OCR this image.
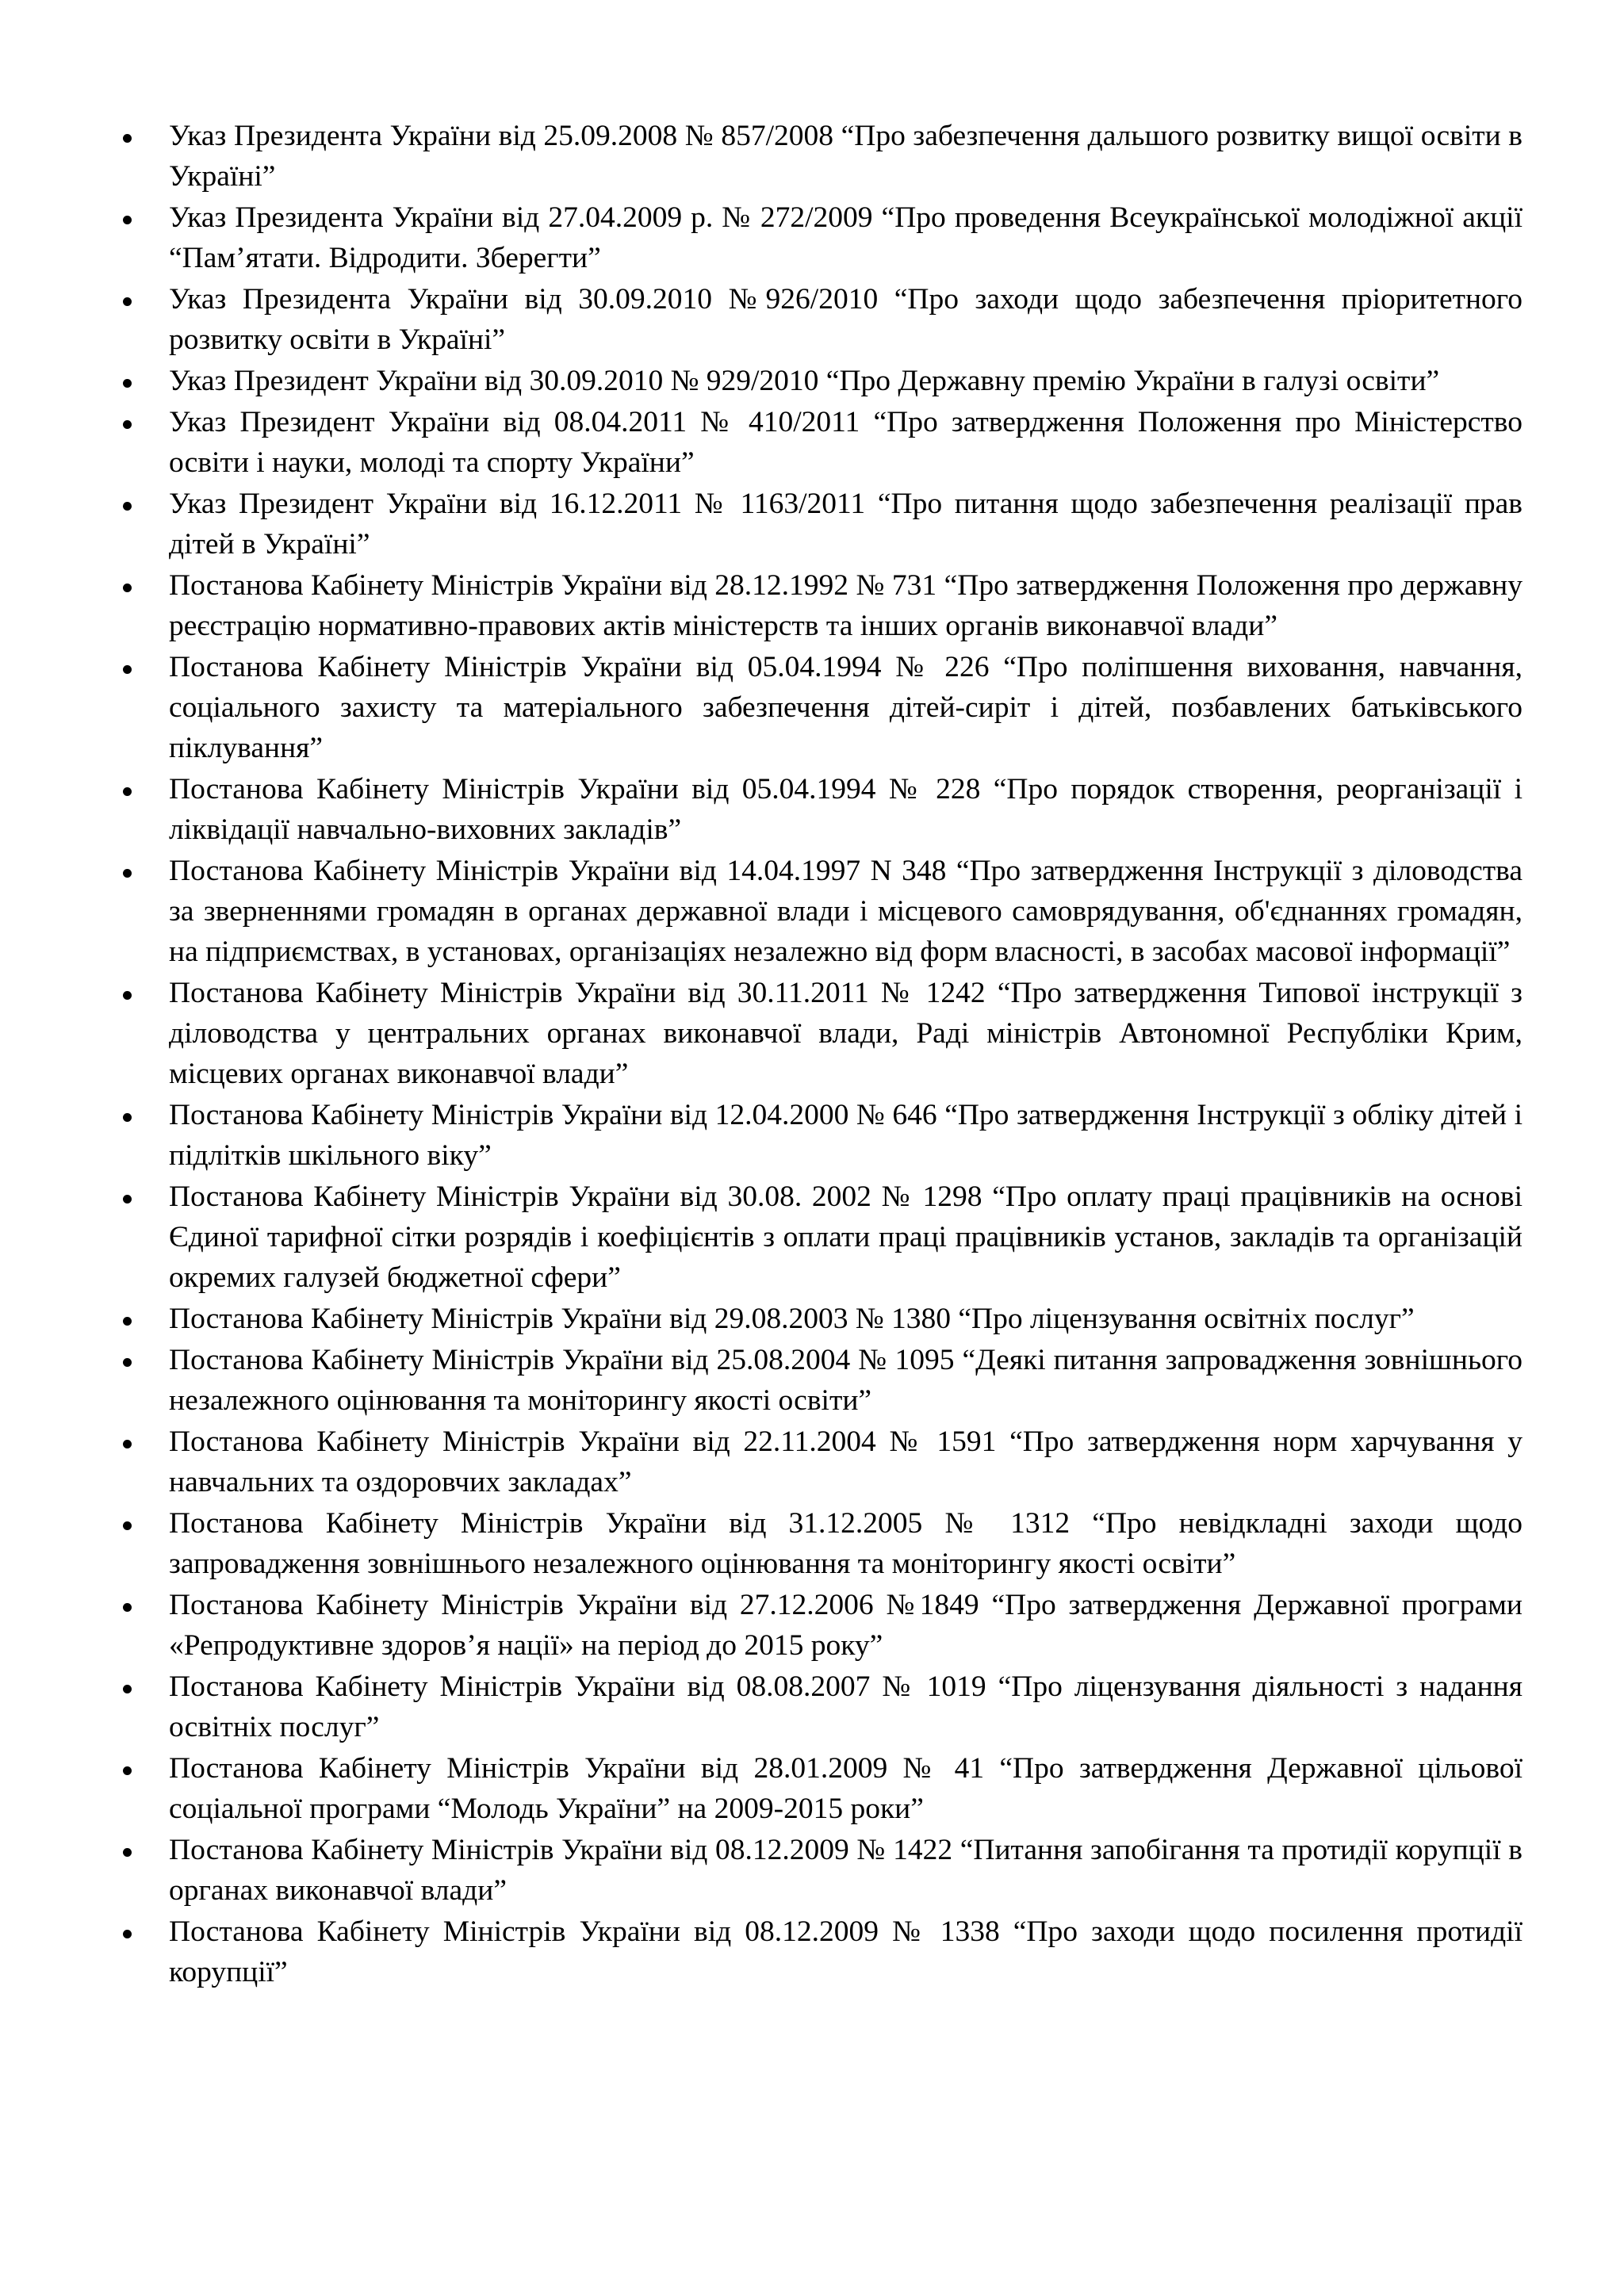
Указ Президента України від 25.09.2008 № 857/2008 “Про забезпечення дальшого розвитку вищої освіти в Україні”
Указ Президента України від 27.04.2009 р. № 272/2009 “Про проведення Всеукраїнської молодіжної акції “Пам’ятати. Відродити. Зберегти”
Указ Президента України від 30.09.2010 №926/2010 “Про заходи щодо забезпечення пріоритетного розвитку освіти в Україні”
Указ Президент України від 30.09.2010 № 929/2010 “Про Державну премію України в галузі освіти”
Указ Президент України від 08.04.2011 № 410/2011 “Про затвердження Положення про Міністерство освіти і науки, молоді та спорту України”
Указ Президент України від 16.12.2011 № 1163/2011 “Про питання щодо забезпечення реалізації прав дітей в Україні”
Постанова Кабінету Міністрів України від 28.12.1992 № 731 “Про затвердження Положення про державну реєстрацію нормативно-правових актів міністерств та інших органів виконавчої влади”
Постанова Кабінету Міністрів України від 05.04.1994 № 226 “Про поліпшення виховання, навчання, соціального захисту та матеріального забезпечення дітей-сиріт і дітей, позбавлених батьківського піклування”
Постанова Кабінету Міністрів України від 05.04.1994 № 228 “Про порядок створення, реорганізації і ліквідації навчально-виховних закладів”
Постанова Кабінету Міністрів України від 14.04.1997 N 348 “Про затвердження Інструкції з діловодства за зверненнями громадян в органах державної влади і місцевого самоврядування, об'єднаннях громадян, на підприємствах, в установах, організаціях незалежно від форм власності, в засобах масової інформації”
Постанова Кабінету Міністрів України від 30.11.2011 № 1242 “Про затвердження Типової інструкції з діловодства у центральних органах виконавчої влади, Раді міністрів Автономної Республіки Крим, місцевих органах виконавчої влади”
Постанова Кабінету Міністрів України від 12.04.2000 № 646 “Про затвердження Інструкції з обліку дітей і підлітків шкільного віку”
Постанова Кабінету Міністрів України від 30.08. 2002 № 1298 “Про оплату праці працівників на основі Єдиної тарифної сітки розрядів і коефіцієнтів з оплати праці працівників установ, закладів та організацій окремих галузей бюджетної сфери”
Постанова Кабінету Міністрів України від 29.08.2003 № 1380 “Про ліцензування освітніх послуг”
Постанова Кабінету Міністрів України від 25.08.2004 № 1095 “Деякі питання запровадження зовнішнього незалежного оцінювання та моніторингу якості освіти”
Постанова Кабінету Міністрів України від 22.11.2004 № 1591 “Про затвердження норм харчування у навчальних та оздоровчих закладах”
Постанова Кабінету Міністрів України від 31.12.2005 № 1312 “Про невідкладні заходи щодо запровадження зовнішнього незалежного оцінювання та моніторингу якості освіти”
Постанова Кабінету Міністрів України від 27.12.2006 №1849 “Про затвердження Державної програми «Репродуктивне здоров’я нації» на період до 2015 року”
Постанова Кабінету Міністрів України від 08.08.2007 № 1019 “Про ліцензування діяльності з надання освітніх послуг”
Постанова Кабінету Міністрів України від 28.01.2009 № 41 “Про затвердження Державної цільової соціальної програми “Молодь України” на 2009-2015 роки”
Постанова Кабінету Міністрів України від 08.12.2009 № 1422 “Питання запобігання та протидії корупції в органах виконавчої влади”
Постанова Кабінету Міністрів України від 08.12.2009 № 1338 “Про заходи щодо посилення протидії корупції”
